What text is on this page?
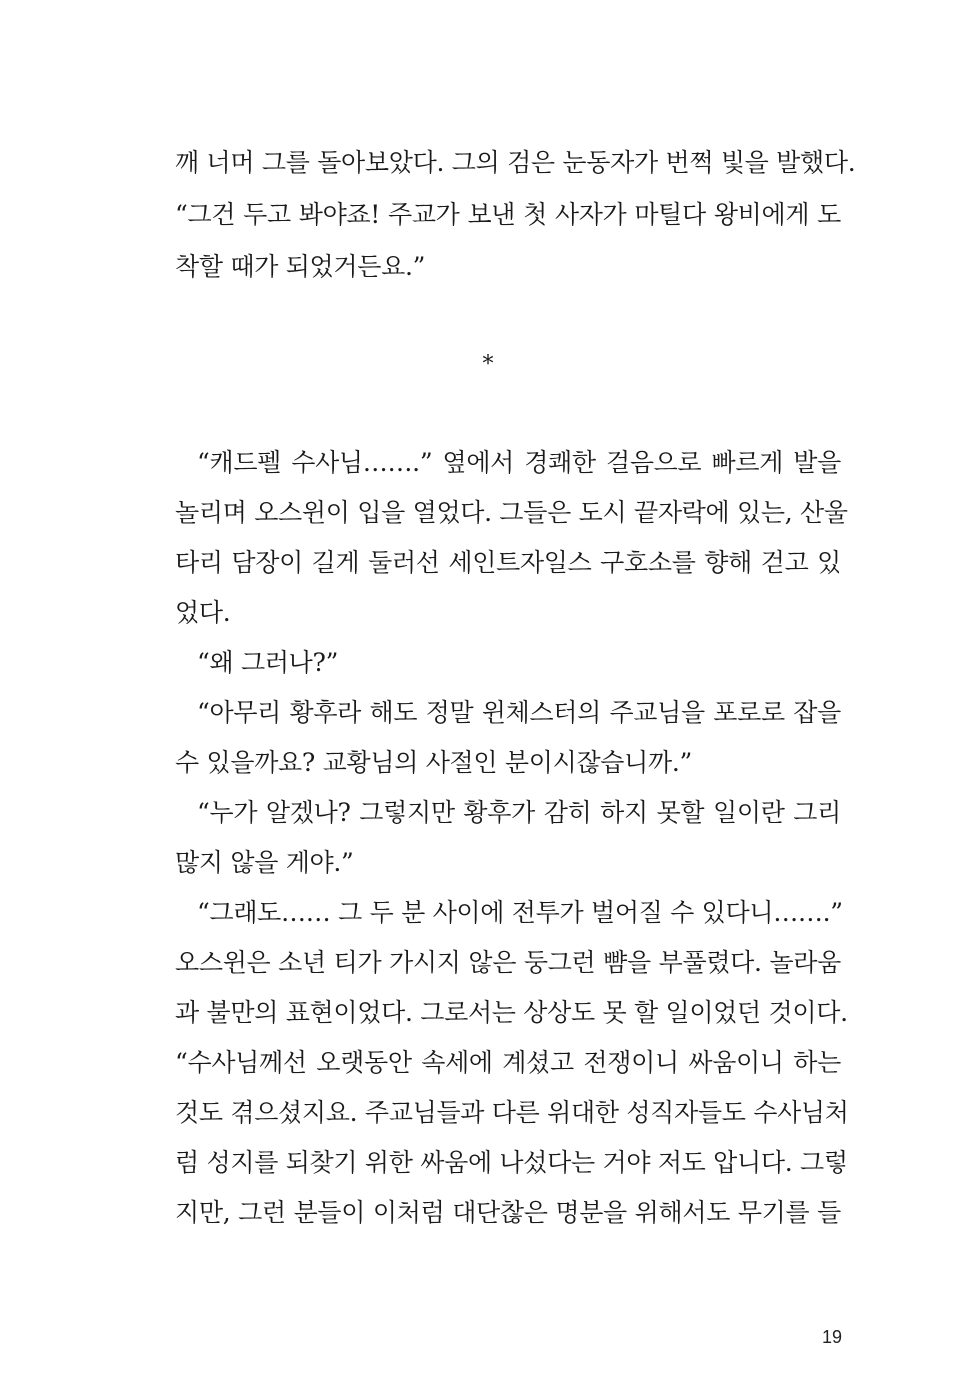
깨 너머 그를 돌아보았다. 그의 검은 눈동자가 번쩍 빛을 발했다.
“그건 두고 봐야죠! 주교가 보낸 첫 사자가 마틸다 왕비에게 도
착할 때가 되었거든요.”
*
“캐드펠 수사님…….” 옆에서 경쾌한 걸음으로 빠르게 발을
놀리며 오스윈이 입을 열었다. 그들은 도시 끝자락에 있는, 산울
타리 담장이 길게 둘러선 세인트자일스 구호소를 향해 걷고 있
었다.
“왜 그러나?”
“아무리 황후라 해도 정말 윈체스터의 주교님을 포로로 잡을
수 있을까요? 교황님의 사절인 분이시잖습니까.”
“누가 알겠나? 그렇지만 황후가 감히 하지 못할 일이란 그리
많지 않을 게야.”
“그래도…… 그 두 분 사이에 전투가 벌어질 수 있다니…….”
오스윈은 소년 티가 가시지 않은 둥그런 뺨을 부풀렸다. 놀라움
과 불만의 표현이었다. 그로서는 상상도 못 할 일이었던 것이다.
“수사님께선 오랫동안 속세에 계셨고 전쟁이니 싸움이니 하는
것도 겪으셨지요. 주교님들과 다른 위대한 성직자들도 수사님처
럼 성지를 되찾기 위한 싸움에 나섰다는 거야 저도 압니다. 그렇
지만, 그런 분들이 이처럼 대단찮은 명분을 위해서도 무기를 들
19
